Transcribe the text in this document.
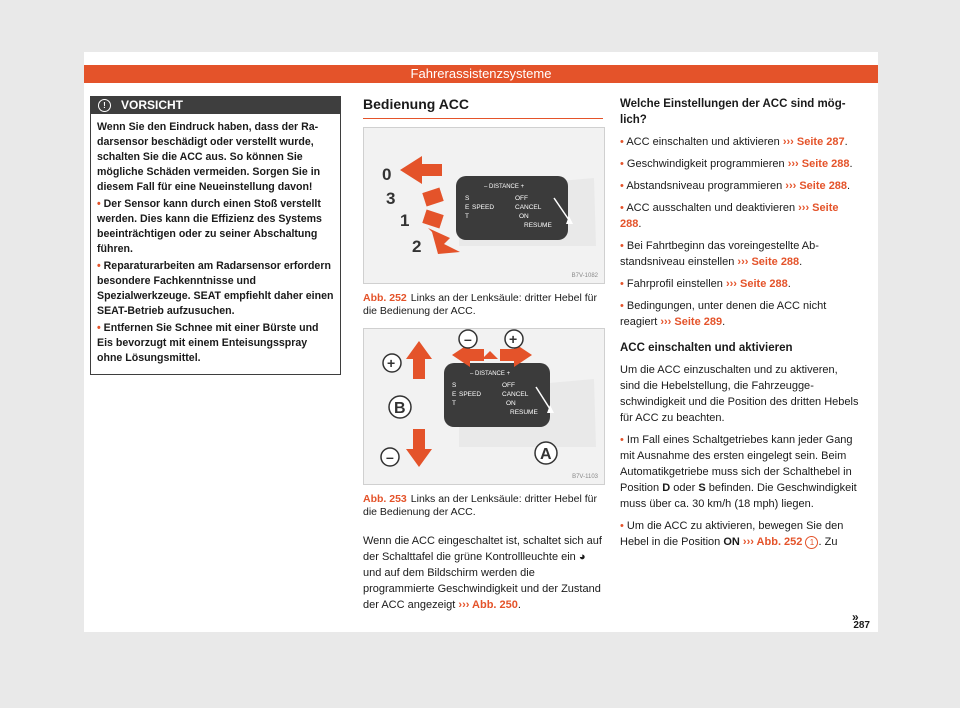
Fahrerassistenzsysteme
!	VORSICHT

Wenn Sie den Eindruck haben, dass der Radarsensor beschädigt oder verstellt wurde, schalten Sie die ACC aus. So können Sie mögliche Schäden vermeiden. Sorgen Sie in diesem Fall für eine Neueinstellung davon!

• Der Sensor kann durch einen Stoß verstellt werden. Dies kann die Effizienz des Systems beeinträchtigen oder zu seiner Abschaltung führen.

• Reparaturarbeiten am Radarsensor erfordern besondere Fachkenntnisse und Spezialwerkzeuge. SEAT empfiehlt daher einen SEAT-Betrieb aufzusuchen.

• Entfernen Sie Schnee mit einer Bürste und Eis bevorzugt mit einem Enteisungsspray ohne Lösungsmittel.

Bedienung ACC
– DISTANCE +
S
E
T
SPEED
OFF
CANCEL
ON
RESUME
0
3
1
2
B7V-1082
Abb. 252 Links an der Lenksäule: dritter Hebel für die Bedienung der ACC.
– DISTANCE +
S
E
T
SPEED
OFF
CANCEL
ON
RESUME
–	+
+
B
–	A
B7V-1103
Abb. 253 Links an der Lenksäule: dritter Hebel für die Bedienung der ACC.
Wenn die ACC eingeschaltet ist, schaltet sich auf der Schalttafel die grüne Kontrollleuchte ein ◕ und auf dem Bildschirm werden die programmierte Geschwindigkeit und der Zustand der ACC angezeigt ››› Abb. 250.
Welche Einstellungen der ACC sind möglich?

• ACC einschalten und aktivieren ››› Seite 287.

• Geschwindigkeit programmieren ››› Seite 288.

• Abstandsniveau programmieren ››› Seite 288.

• ACC ausschalten und deaktivieren ››› Seite 288.

• Bei Fahrtbeginn das voreingestellte Abstandsniveau einstellen ››› Seite 288.

• Fahrprofil einstellen ››› Seite 288.

• Bedingungen, unter denen die ACC nicht reagiert ››› Seite 289.

ACC einschalten und aktivieren

Um die ACC einzuschalten und zu aktiveren, sind die Hebelstellung, die Fahrzeuggeschwindigkeit und die Position des dritten Hebels für ACC zu beachten.

• Im Fall eines Schaltgetriebes kann jeder Gang mit Ausnahme des ersten eingelegt sein. Beim Automatikgetriebe muss sich der Schalthebel in Position D oder S befinden. Die Geschwindigkeit muss über ca. 30 km/h (18 mph) liegen.

• Um die ACC zu aktivieren, bewegen Sie den Hebel in die Position ON ››› Abb. 252 1 . Zu

»
287
